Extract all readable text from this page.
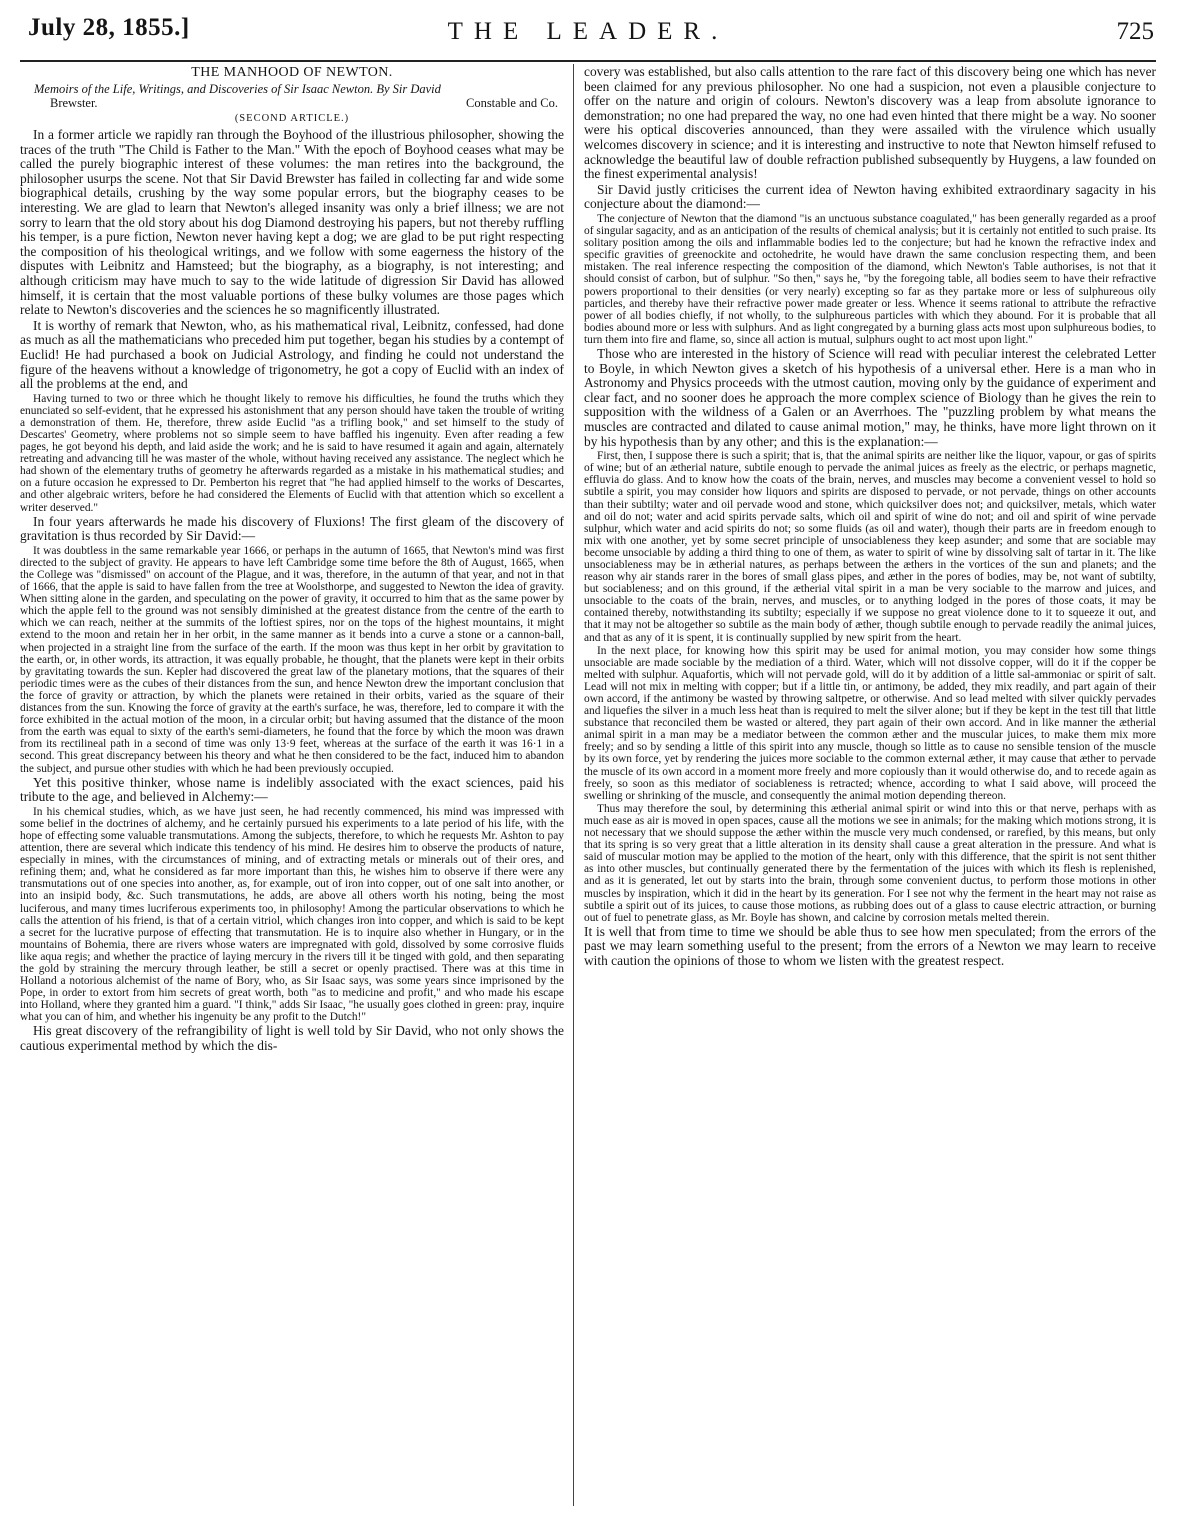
July 28, 1855.]	THE LEADER.	725
THE MANHOOD OF NEWTON.
Memoirs of the Life, Writings, and Discoveries of Sir Isaac Newton. By Sir David
Brewster.	Constable and Co.
(SECOND ARTICLE.)

In a former article we rapidly ran through the Boyhood of the illustrious philosopher, showing the traces of the truth "The Child is Father to the Man." With the epoch of Boyhood ceases what may be called the purely biographic interest of these volumes: the man retires into the background, the philosopher usurps the scene. Not that Sir David Brewster has failed in collecting far and wide some biographical details, crushing by the way some popular errors, but the biography ceases to be interesting. We are glad to learn that Newton's alleged insanity was only a brief illness; we are not sorry to learn that the old story about his dog Diamond destroying his papers, but not thereby ruffling his temper, is a pure fiction, Newton never having kept a dog; we are glad to be put right respecting the composition of his theological writings, and we follow with some eagerness the history of the disputes with Leibnitz and Hamsteed; but the biography, as a biography, is not interesting; and although criticism may have much to say to the wide latitude of digression Sir David has allowed himself, it is certain that the most valuable portions of these bulky volumes are those pages which relate to Newton's discoveries and the sciences he so magnificently illustrated.

It is worthy of remark that Newton, who, as his mathematical rival, Leibnitz, confessed, had done as much as all the mathematicians who preceded him put together, began his studies by a contempt of Euclid! He had purchased a book on Judicial Astrology, and finding he could not understand the figure of the heavens without a knowledge of trigonometry, he got a copy of Euclid with an index of all the problems at the end, and

Having turned to two or three which he thought likely to remove his difficulties, he found the truths which they enunciated so self-evident, that he expressed his astonishment that any person should have taken the trouble of writing a demonstration of them. He, therefore, threw aside Euclid "as a trifling book," and set himself to the study of Descartes' Geometry, where problems not so simple seem to have baffled his ingenuity. Even after reading a few pages, he got beyond his depth, and laid aside the work; and he is said to have resumed it again and again, alternately retreating and advancing till he was master of the whole, without having received any assistance. The neglect which he had shown of the elementary truths of geometry he afterwards regarded as a mistake in his mathematical studies; and on a future occasion he expressed to Dr. Pemberton his regret that "he had applied himself to the works of Descartes, and other algebraic writers, before he had considered the Elements of Euclid with that attention which so excellent a writer deserved."

In four years afterwards he made his discovery of Fluxions! The first gleam of the discovery of gravitation is thus recorded by Sir David:—

It was doubtless in the same remarkable year 1666, or perhaps in the autumn of 1665, that Newton's mind was first directed to the subject of gravity. He appears to have left Cambridge some time before the 8th of August, 1665, when the College was "dismissed" on account of the Plague, and it was, therefore, in the autumn of that year, and not in that of 1666, that the apple is said to have fallen from the tree at Woolsthorpe, and suggested to Newton the idea of gravity. When sitting alone in the garden, and speculating on the power of gravity, it occurred to him that as the same power by which the apple fell to the ground was not sensibly diminished at the greatest distance from the centre of the earth to which we can reach, neither at the summits of the loftiest spires, nor on the tops of the highest mountains, it might extend to the moon and retain her in her orbit, in the same manner as it bends into a curve a stone or a cannon-ball, when projected in a straight line from the surface of the earth. If the moon was thus kept in her orbit by gravitation to the earth, or, in other words, its attraction, it was equally probable, he thought, that the planets were kept in their orbits by gravitating towards the sun. Kepler had discovered the great law of the planetary motions, that the squares of their periodic times were as the cubes of their distances from the sun, and hence Newton drew the important conclusion that the force of gravity or attraction, by which the planets were retained in their orbits, varied as the square of their distances from the sun. Knowing the force of gravity at the earth's surface, he was, therefore, led to compare it with the force exhibited in the actual motion of the moon, in a circular orbit; but having assumed that the distance of the moon from the earth was equal to sixty of the earth's semi-diameters, he found that the force by which the moon was drawn from its rectilineal path in a second of time was only 13·9 feet, whereas at the surface of the earth it was 16·1 in a second. This great discrepancy between his theory and what he then considered to be the fact, induced him to abandon the subject, and pursue other studies with which he had been previously occupied.

Yet this positive thinker, whose name is indelibly associated with the exact sciences, paid his tribute to the age, and believed in Alchemy:—

In his chemical studies, which, as we have just seen, he had recently commenced, his mind was impressed with some belief in the doctrines of alchemy, and he certainly pursued his experiments to a late period of his life, with the hope of effecting some valuable transmutations. Among the subjects, therefore, to which he requests Mr. Ashton to pay attention, there are several which indicate this tendency of his mind. He desires him to observe the products of nature, especially in mines, with the circumstances of mining, and of extracting metals or minerals out of their ores, and refining them; and, what he considered as far more important than this, he wishes him to observe if there were any transmutations out of one species into another, as, for example, out of iron into copper, out of one salt into another, or into an insipid body, &c. Such transmutations, he adds, are above all others worth his noting, being the most luciferous, and many times lucriferous experiments too, in philosophy! Among the particular observations to which he calls the attention of his friend, is that of a certain vitriol, which changes iron into copper, and which is said to be kept a secret for the lucrative purpose of effecting that transmutation. He is to inquire also whether in Hungary, or in the mountains of Bohemia, there are rivers whose waters are impregnated with gold, dissolved by some corrosive fluids like aqua regis; and whether the practice of laying mercury in the rivers till it be tinged with gold, and then separating the gold by straining the mercury through leather, be still a secret or openly practised. There was at this time in Holland a notorious alchemist of the name of Bory, who, as Sir Isaac says, was some years since imprisoned by the Pope, in order to extort from him secrets of great worth, both "as to medicine and profit," and who made his escape into Holland, where they granted him a guard. "I think," adds Sir Isaac, "he usually goes clothed in green: pray, inquire what you can of him, and whether his ingenuity be any profit to the Dutch!"

His great discovery of the refrangibility of light is well told by Sir David, who not only shows the cautious experimental method by which the dis-

covery was established, but also calls attention to the rare fact of this discovery being one which has never been claimed for any previous philosopher. No one had a suspicion, not even a plausible conjecture to offer on the nature and origin of colours. Newton's discovery was a leap from absolute ignorance to demonstration; no one had prepared the way, no one had even hinted that there might be a way. No sooner were his optical discoveries announced, than they were assailed with the virulence which usually welcomes discovery in science; and it is interesting and instructive to note that Newton himself refused to acknowledge the beautiful law of double refraction published subsequently by Huygens, a law founded on the finest experimental analysis!

Sir David justly criticises the current idea of Newton having exhibited extraordinary sagacity in his conjecture about the diamond:—

The conjecture of Newton that the diamond "is an unctuous substance coagulated," has been generally regarded as a proof of singular sagacity, and as an anticipation of the results of chemical analysis; but it is certainly not entitled to such praise. Its solitary position among the oils and inflammable bodies led to the conjecture; but had he known the refractive index and specific gravities of greenockite and octohedrite, he would have drawn the same conclusion respecting them, and been mistaken. The real inference respecting the composition of the diamond, which Newton's Table authorises, is not that it should consist of carbon, but of sulphur. "So then," says he, "by the foregoing table, all bodies seem to have their refractive powers proportional to their densities (or very nearly) excepting so far as they partake more or less of sulphureous oily particles, and thereby have their refractive power made greater or less. Whence it seems rational to attribute the refractive power of all bodies chiefly, if not wholly, to the sulphureous particles with which they abound. For it is probable that all bodies abound more or less with sulphurs. And as light congregated by a burning glass acts most upon sulphureous bodies, to turn them into fire and flame, so, since all action is mutual, sulphurs ought to act most upon light."

Those who are interested in the history of Science will read with peculiar interest the celebrated Letter to Boyle, in which Newton gives a sketch of his hypothesis of a universal ether. Here is a man who in Astronomy and Physics proceeds with the utmost caution, moving only by the guidance of experiment and clear fact, and no sooner does he approach the more complex science of Biology than he gives the rein to supposition with the wildness of a Galen or an Averrhoes. The "puzzling problem by what means the muscles are contracted and dilated to cause animal motion," may, he thinks, have more light thrown on it by his hypothesis than by any other; and this is the explanation:—

First, then, I suppose there is such a spirit; that is, that the animal spirits are neither like the liquor, vapour, or gas of spirits of wine; but of an ætherial nature, subtile enough to pervade the animal juices as freely as the electric, or perhaps magnetic, effluvia do glass. And to know how the coats of the brain, nerves, and muscles may become a convenient vessel to hold so subtile a spirit, you may consider how liquors and spirits are disposed to pervade, or not pervade, things on other accounts than their subtilty; water and oil pervade wood and stone, which quicksilver does not; and quicksilver, metals, which water and oil do not; water and acid spirits pervade salts, which oil and spirit of wine do not; and oil and spirit of wine pervade sulphur, which water and acid spirits do not; so some fluids (as oil and water), though their parts are in freedom enough to mix with one another, yet by some secret principle of unsociableness they keep asunder; and some that are sociable may become unsociable by adding a third thing to one of them, as water to spirit of wine by dissolving salt of tartar in it. The like unsociableness may be in ætherial natures, as perhaps between the æthers in the vortices of the sun and planets; and the reason why air stands rarer in the bores of small glass pipes, and æther in the pores of bodies, may be, not want of subtilty, but sociableness; and on this ground, if the ætherial vital spirit in a man be very sociable to the marrow and juices, and unsociable to the coats of the brain, nerves, and muscles, or to anything lodged in the pores of those coats, it may be contained thereby, notwithstanding its subtilty; especially if we suppose no great violence done to it to squeeze it out, and that it may not be altogether so subtile as the main body of æther, though subtile enough to pervade readily the animal juices, and that as any of it is spent, it is continually supplied by new spirit from the heart.

In the next place, for knowing how this spirit may be used for animal motion, you may consider how some things unsociable are made sociable by the mediation of a third. Water, which will not dissolve copper, will do it if the copper be melted with sulphur. Aquafortis, which will not pervade gold, will do it by addition of a little sal-ammoniac or spirit of salt. Lead will not mix in melting with copper; but if a little tin, or antimony, be added, they mix readily, and part again of their own accord, if the antimony be wasted by throwing saltpetre, or otherwise. And so lead melted with silver quickly pervades and liquefies the silver in a much less heat than is required to melt the silver alone; but if they be kept in the test till that little substance that reconciled them be wasted or altered, they part again of their own accord. And in like manner the ætherial animal spirit in a man may be a mediator between the common æther and the muscular juices, to make them mix more freely; and so by sending a little of this spirit into any muscle, though so little as to cause no sensible tension of the muscle by its own force, yet by rendering the juices more sociable to the common external æther, it may cause that æther to pervade the muscle of its own accord in a moment more freely and more copiously than it would otherwise do, and to recede again as freely, so soon as this mediator of sociableness is retracted; whence, according to what I said above, will proceed the swelling or shrinking of the muscle, and consequently the animal motion depending thereon.

Thus may therefore the soul, by determining this ætherial animal spirit or wind into this or that nerve, perhaps with as much ease as air is moved in open spaces, cause all the motions we see in animals; for the making which motions strong, it is not necessary that we should suppose the æther within the muscle very much condensed, or rarefied, by this means, but only that its spring is so very great that a little alteration in its density shall cause a great alteration in the pressure. And what is said of muscular motion may be applied to the motion of the heart, only with this difference, that the spirit is not sent thither as into other muscles, but continually generated there by the fermentation of the juices with which its flesh is replenished, and as it is generated, let out by starts into the brain, through some convenient ductus, to perform those motions in other muscles by inspiration, which it did in the heart by its generation. For I see not why the ferment in the heart may not raise as subtile a spirit out of its juices, to cause those motions, as rubbing does out of a glass to cause electric attraction, or burning out of fuel to penetrate glass, as Mr. Boyle has shown, and calcine by corrosion metals melted therein.

It is well that from time to time we should be able thus to see how men speculated; from the errors of the past we may learn something useful to the present; from the errors of a Newton we may learn to receive with caution the opinions of those to whom we listen with the greatest respect.
